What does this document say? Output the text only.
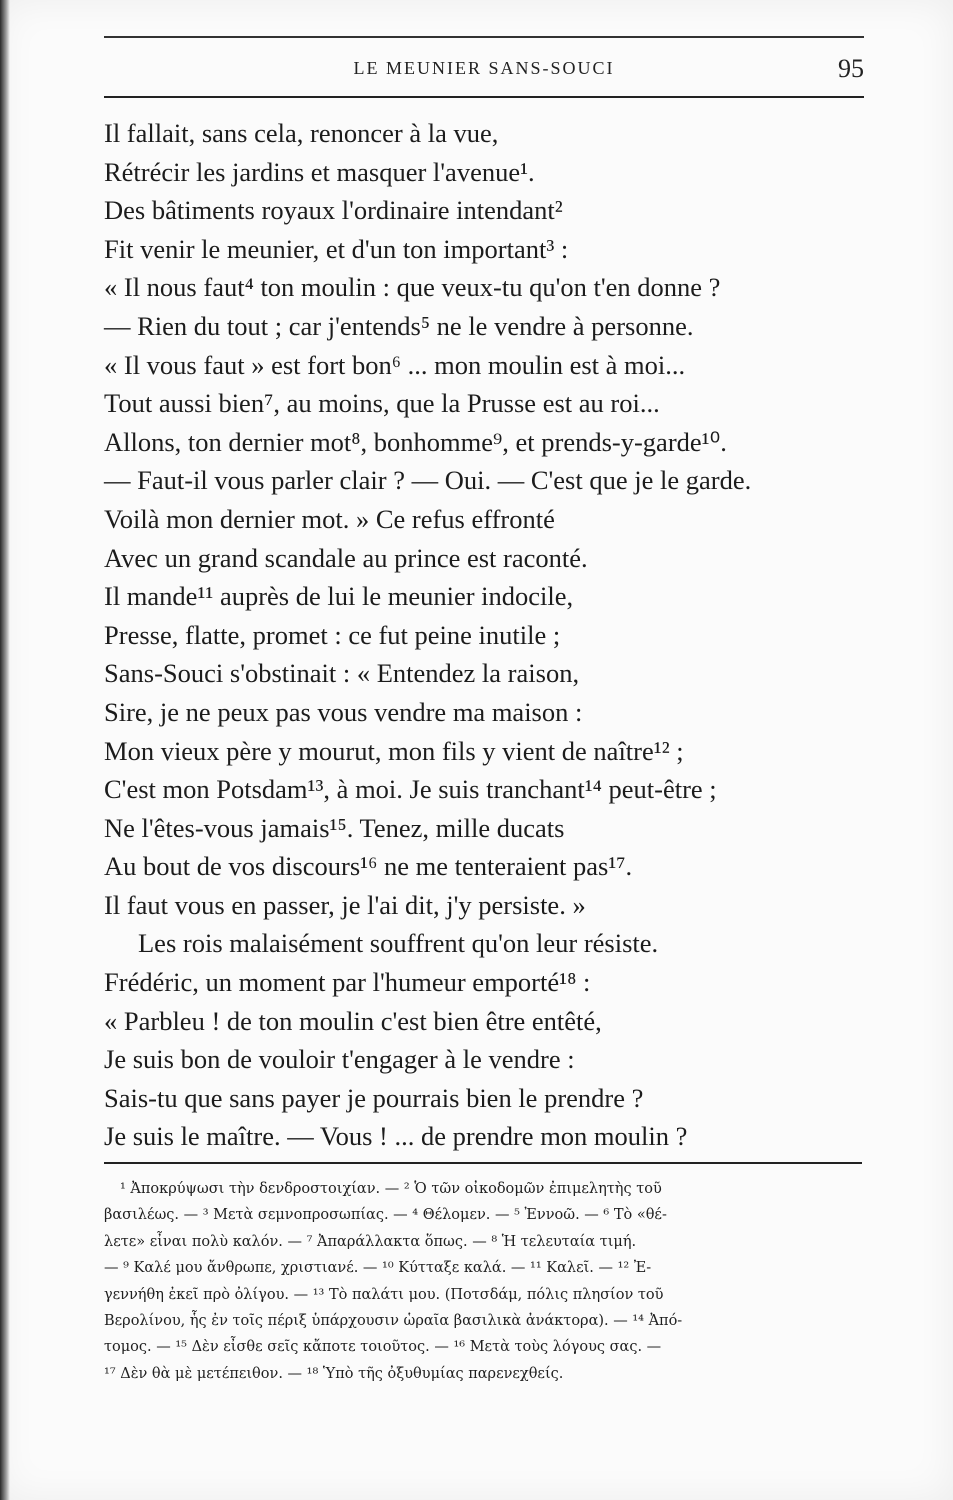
LE MEUNIER SANS-SOUCI	95
Il fallait, sans cela, renoncer à la vue,
Rétrécir les jardins et masquer l'avenue¹.
Des bâtiments royaux l'ordinaire intendant²
Fit venir le meunier, et d'un ton important³ :
« Il nous faut⁴ ton moulin : que veux-tu qu'on t'en donne ?
— Rien du tout ; car j'entends⁵ ne le vendre à personne.
« Il vous faut » est fort bon⁶ ... mon moulin est à moi...
Tout aussi bien⁷, au moins, que la Prusse est au roi...
Allons, ton dernier mot⁸, bonhomme⁹, et prends-y-garde¹⁰.
— Faut-il vous parler clair ? — Oui. — C'est que je le garde.
Voilà mon dernier mot. » Ce refus effronté
Avec un grand scandale au prince est raconté.
Il mande¹¹ auprès de lui le meunier indocile,
Presse, flatte, promet : ce fut peine inutile ;
Sans-Souci s'obstinait : « Entendez la raison,
Sire, je ne peux pas vous vendre ma maison :
Mon vieux père y mourut, mon fils y vient de naître¹² ;
C'est mon Potsdam¹³, à moi. Je suis tranchant¹⁴ peut-être ;
Ne l'êtes-vous jamais¹⁵. Tenez, mille ducats
Au bout de vos discours¹⁶ ne me tenteraient pas¹⁷.
Il faut vous en passer, je l'ai dit, j'y persiste. »
Les rois malaisément souffrent qu'on leur résiste.
Frédéric, un moment par l'humeur emporté¹⁸ :
« Parbleu ! de ton moulin c'est bien être entêté,
Je suis bon de vouloir t'engager à le vendre :
Sais-tu que sans payer je pourrais bien le prendre ?
Je suis le maître. — Vous ! ... de prendre mon moulin ?
¹ Ἀποκρύψωσι τὴν δενδροστοιχίαν. — ² Ὁ τῶν οἰκοδομῶν ἐπιμελητὴς τοῦ
βασιλέως. — ³ Μετὰ σεμνοπροσωπίας. — ⁴ Θέλομεν. — ⁵ Ἐννοῶ. — ⁶ Τὸ «θέ-
λετε» εἶναι πολὺ καλόν. — ⁷ Ἀπαράλλακτα ὅπως. — ⁸ Ἡ τελευταία τιμή.
— ⁹ Καλέ μου ἄνθρωπε, χριστιανέ. — ¹⁰ Κύτταξε καλά. — ¹¹ Καλεῖ. — ¹² Ἐ-
γεννήθη ἐκεῖ πρὸ ὀλίγου. — ¹³ Τὸ παλάτι μου. (Ποτσδάμ, πόλις πλησίον τοῦ
Βερολίνου, ἧς ἐν τοῖς πέριξ ὑπάρχουσιν ὡραῖα βασιλικὰ ἀνάκτορα). — ¹⁴ Ἀπό-
τομος. — ¹⁵ Δὲν εἶσθε σεῖς κἄποτε τοιοῦτος. — ¹⁶ Μετὰ τοὺς λόγους σας. —
¹⁷ Δὲν θὰ μὲ μετέπειθον. — ¹⁸ Ὑπὸ τῆς ὀξυθυμίας παρενεχθείς.
